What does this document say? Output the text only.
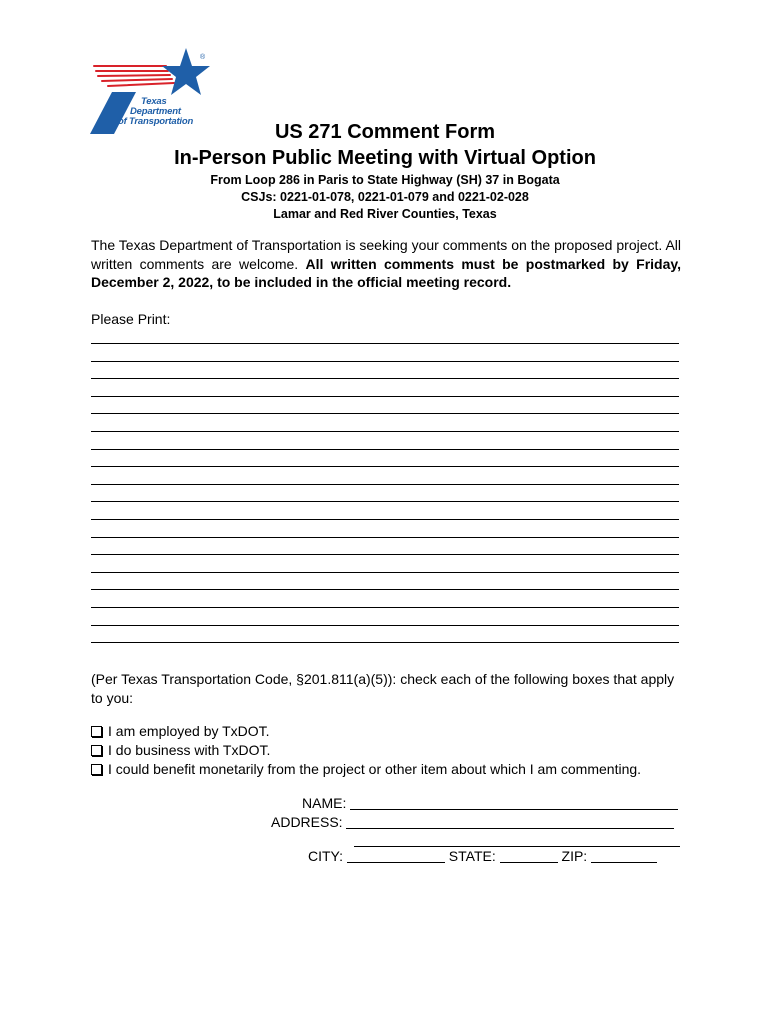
®
Texas
Department
of Transportation	US 271 Comment Form
In-Person Public Meeting with Virtual Option
From Loop 286 in Paris to State Highway (SH) 37 in Bogata
CSJs: 0221-01-078, 0221-01-079 and 0221-02-028
Lamar and Red River Counties, Texas
The Texas Department of Transportation is seeking your comments on the proposed project. All written comments are welcome. All written comments must be postmarked by Friday, December 2, 2022, to be included in the official meeting record.
Please Print:
(Per Texas Transportation Code, §201.811(a)(5)): check each of the following boxes that apply to you:
I am employed by TxDOT.
I do business with TxDOT.
I could benefit monetarily from the project or other item about which I am commenting.
NAME:
ADDRESS:
CITY:	STATE:	ZIP:
